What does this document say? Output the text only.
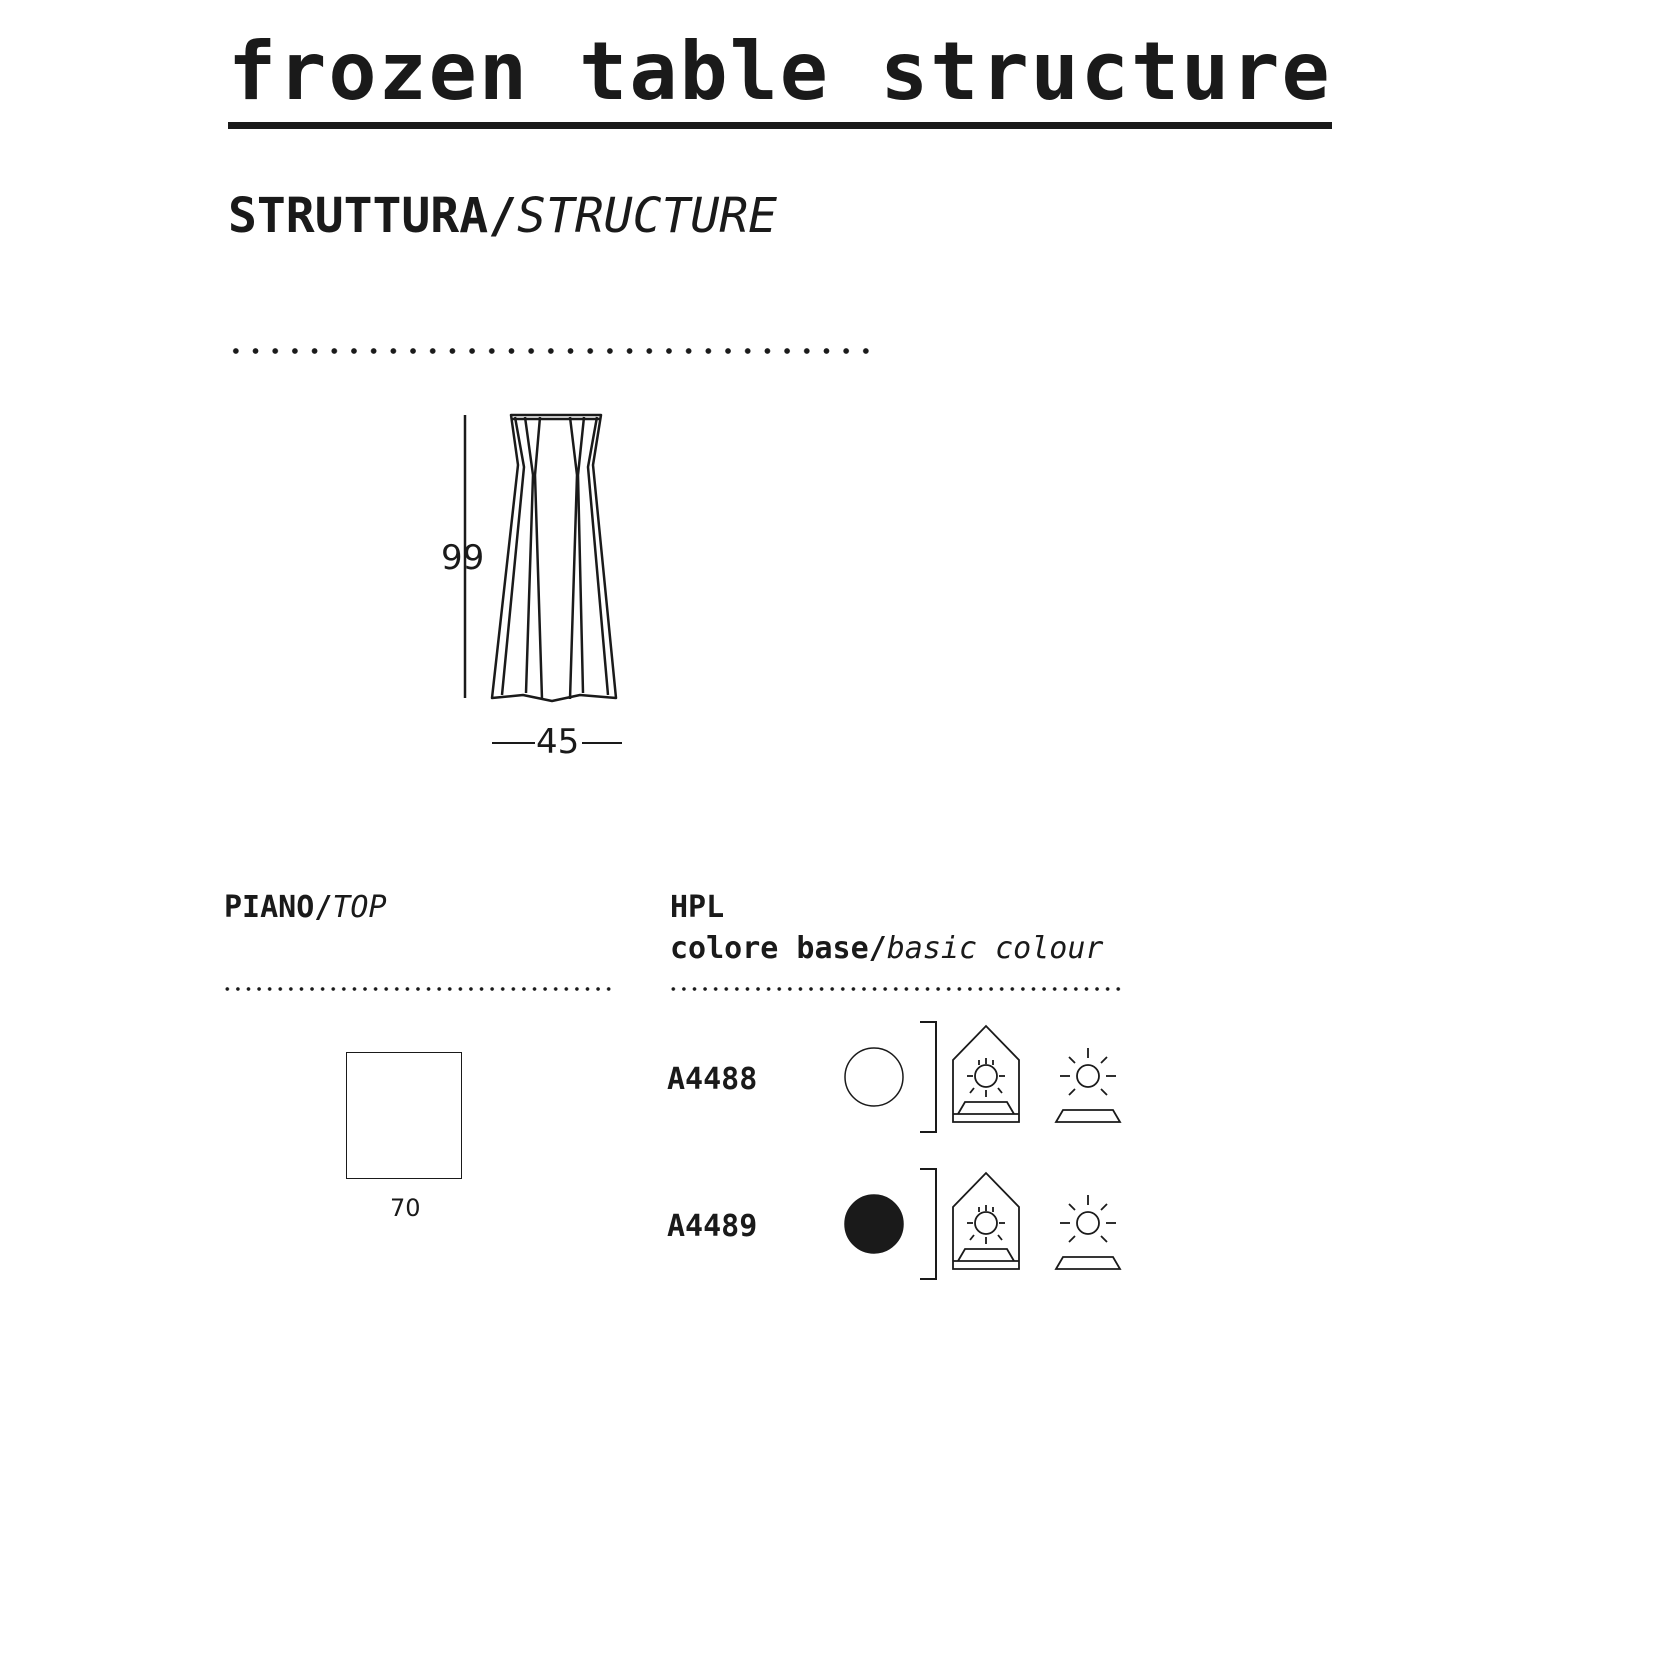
frozen table structure
STRUTTURA/STRUCTURE
99
45
PIANO/TOP
70
HPL
colore base/basic colour
A4488
A4489
